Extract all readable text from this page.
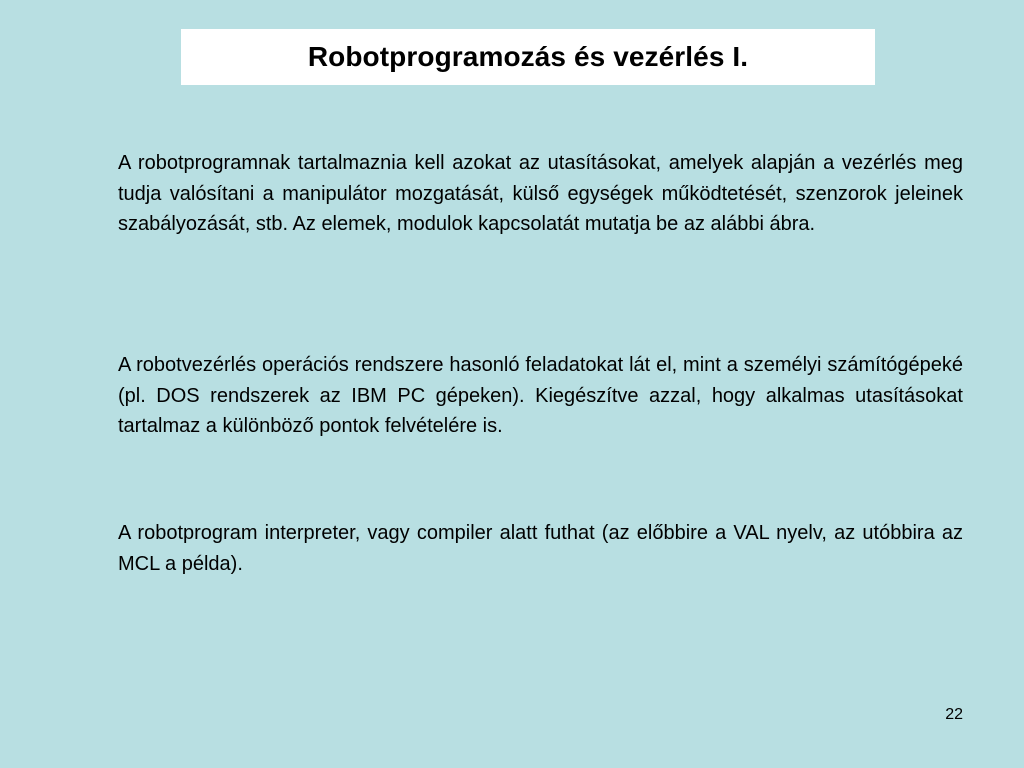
Robotprogramozás és vezérlés I.

A robotprogramnak tartalmaznia kell azokat az utasításokat, amelyek alapján a vezérlés meg tudja valósítani a manipulátor mozgatását, külső egységek működtetését, szenzorok jeleinek szabályozását, stb. Az elemek, modulok kapcsolatát mutatja be az alábbi ábra.

A robotvezérlés operációs rendszere hasonló feladatokat lát el, mint a személyi számítógépeké (pl. DOS rendszerek az IBM PC gépeken). Kiegészítve azzal, hogy alkalmas utasításokat tartalmaz a különböző pontok felvételére is.

A robotprogram interpreter, vagy compiler alatt futhat (az előbbire a VAL nyelv, az utóbbira az MCL a példa).

22
